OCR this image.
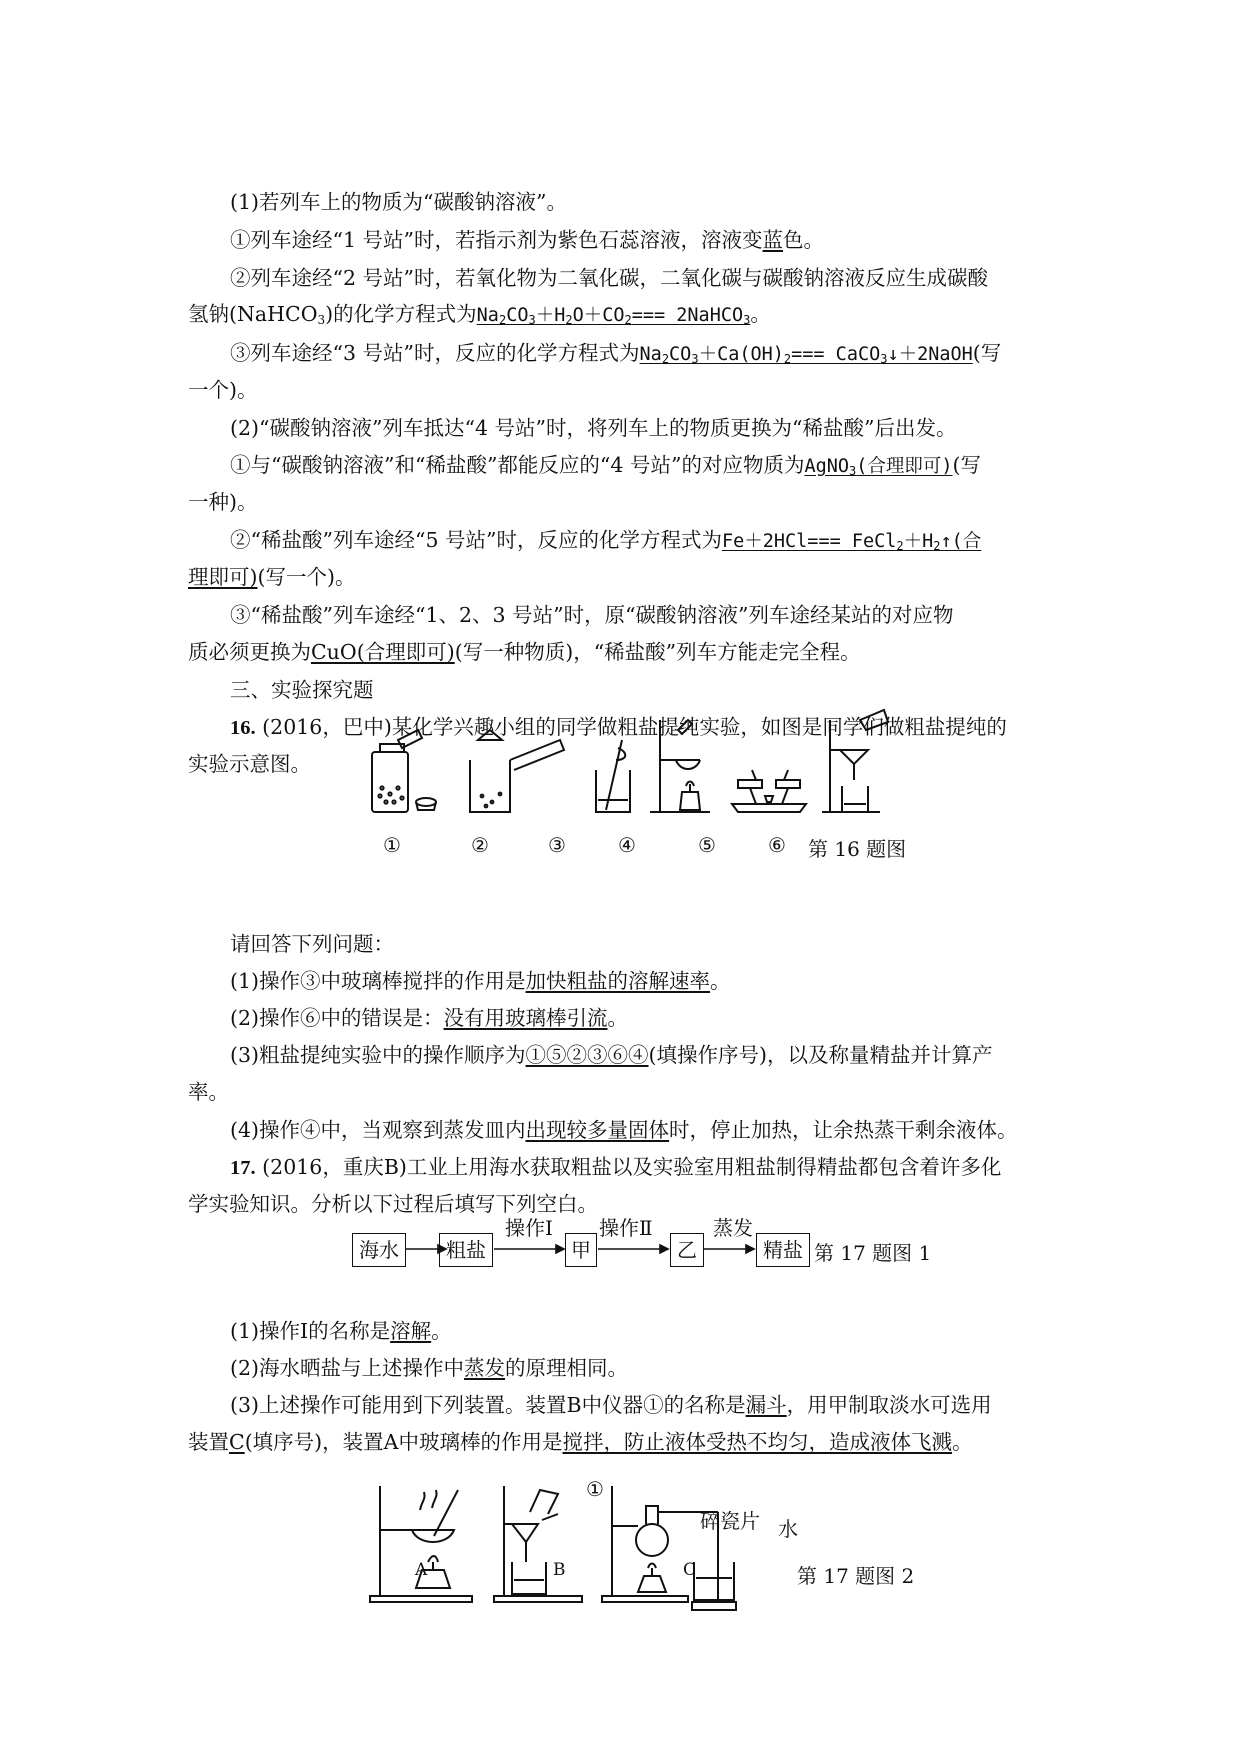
(1)若列车上的物质为“碳酸钠溶液”。
①列车途经“1 号站”时，若指示剂为紫色石蕊溶液，溶液变蓝色。
②列车途经“2 号站”时，若氧化物为二氧化碳，二氧化碳与碳酸钠溶液反应生成碳酸
氢钠(NaHCO$_3$)的化学方程式为$Na_2CO_3+H_2O+CO_2===$ 2NaHCO$_3$。
③列车途经“3 号站”时，反应的化学方程式为$Na_2CO_3+Ca(OH)_2===$ CaCO$_3$↓＋2NaOH(写
一个)。
(2)“碳酸钠溶液”列车抵达“4 号站”时，将列车上的物质更换为“稀盐酸”后出发。
①与“碳酸钠溶液”和“稀盐酸”都能反应的“4 号站”的对应物质为AgNO$_3$(合理即可)(写
一种)。
②“稀盐酸”列车途经“5 号站”时，反应的化学方程式为$Fe+2HCl=== FeCl_2+H_2↑$(合
理即可)(写一个)。
③“稀盐酸”列车途经“1、2、3 号站”时，原“碳酸钠溶液”列车途经某站的对应物
质必须更换为CuO(合理即可)(写一种物质)，“稀盐酸”列车方能走完全程。
三、实验探究题
16. (2016，巴中)某化学兴趣小组的同学做粗盐提纯实验，如图是同学们做粗盐提纯的
实验示意图。
①	②	③	④	⑤	⑥ 第 16 题图
请回答下列问题：
(1)操作③中玻璃棒搅拌的作用是加快粗盐的溶解速率。
(2)操作⑥中的错误是：没有用玻璃棒引流。
(3)粗盐提纯实验中的操作顺序为①⑤②③⑥④(填操作序号)，以及称量精盐并计算产
率。
(4)操作④中，当观察到蒸发皿内出现较多量固体时，停止加热，让余热蒸干剩余液体。
17. (2016，重庆B)工业上用海水获取粗盐以及实验室用粗盐制得精盐都包含着许多化
学实验知识。分析以下过程后填写下列空白。
海水	粗盐	甲	乙	精盐
操作Ⅰ 操作Ⅱ	蒸发
第 17 题图 1
(1)操作Ⅰ的名称是溶解。
(2)海水晒盐与上述操作中蒸发的原理相同。
(3)上述操作可能用到下列装置。装置B中仪器①的名称是漏斗，用甲制取淡水可选用
装置C(填序号)，装置A中玻璃棒的作用是搅拌，防止液体受热不均匀，造成液体飞溅。
A	B	C
①
碎瓷片 水
第 17 题图 2
